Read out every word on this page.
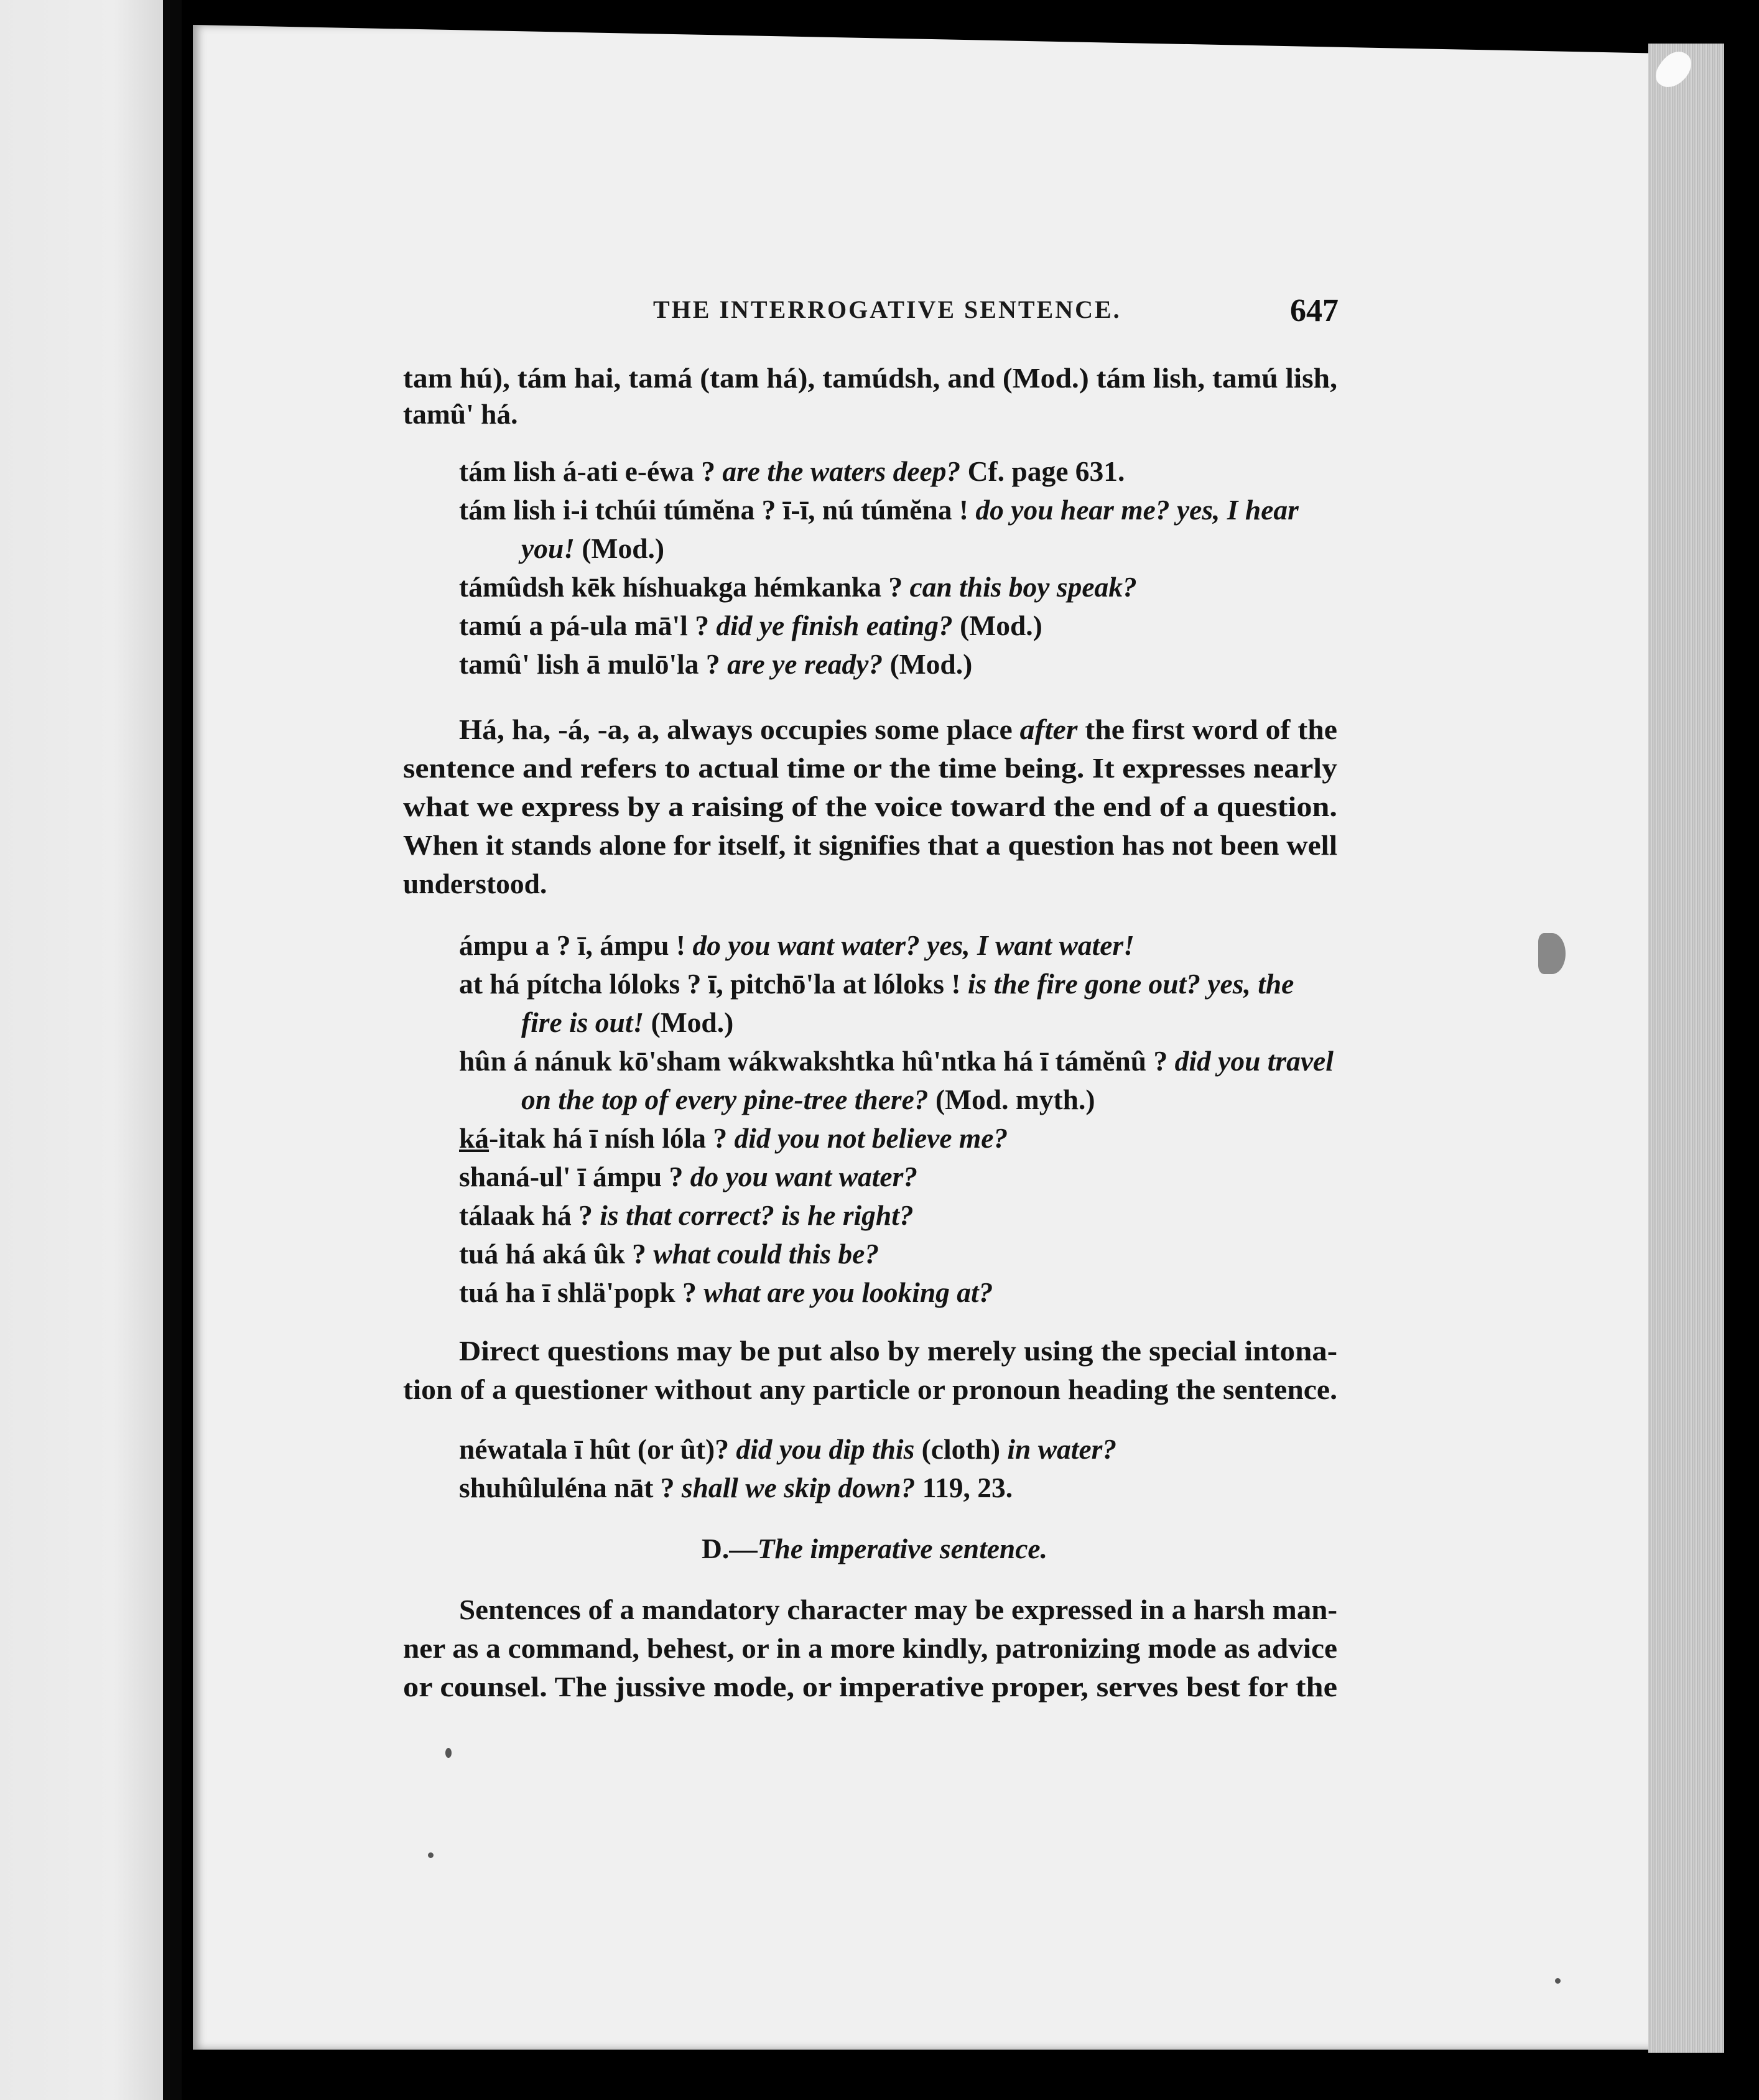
THE INTERROGATIVE SENTENCE.	647
tam hú), tám hai, tamá (tam há), tamúdsh, and (Mod.) tám lish, tamú lish,
tamû' há.
tám lish á-ati e-éwa ? are the waters deep? Cf. page 631.
tám lish i-i tchúi túmĕna ? ī-ī, nú túmĕna ! do you hear me? yes, I hear
you! (Mod.)
támûdsh kēk híshuakga hémkanka ? can this boy speak?
tamú a pá-ula mā'l ? did ye finish eating? (Mod.)
tamû' lish ā mulō'la ? are ye ready? (Mod.)
Há, ha, -á, -a, a, always occupies some place after the first word of the
sentence and refers to actual time or the time being. It expresses nearly
what we express by a raising of the voice toward the end of a question.
When it stands alone for itself, it signifies that a question has not been well
understood.
ámpu a ? ī, ámpu ! do you want water? yes, I want water!
at há pítcha lóloks ? ī, pitchō'la at lóloks ! is the fire gone out? yes, the
fire is out! (Mod.)
hûn á nánuk kō'sham wákwakshtka hû'ntka há ī támĕnû ? did you travel
on the top of every pine-tree there? (Mod. myth.)
ká-itak há ī nísh lóla ? did you not believe me?
shaná-ul' ī ámpu ? do you want water?
tálaak há ? is that correct? is he right?
tuá há aká ûk ? what could this be?
tuá ha ī shlä'popk ? what are you looking at?
Direct questions may be put also by merely using the special intona-
tion of a questioner without any particle or pronoun heading the sentence.
néwatala ī hût (or ût)? did you dip this (cloth) in water?
shuhûluléna nāt ? shall we skip down? 119, 23.
D.—The imperative sentence.
Sentences of a mandatory character may be expressed in a harsh man-
ner as a command, behest, or in a more kindly, patronizing mode as advice
or counsel. The jussive mode, or imperative proper, serves best for the
